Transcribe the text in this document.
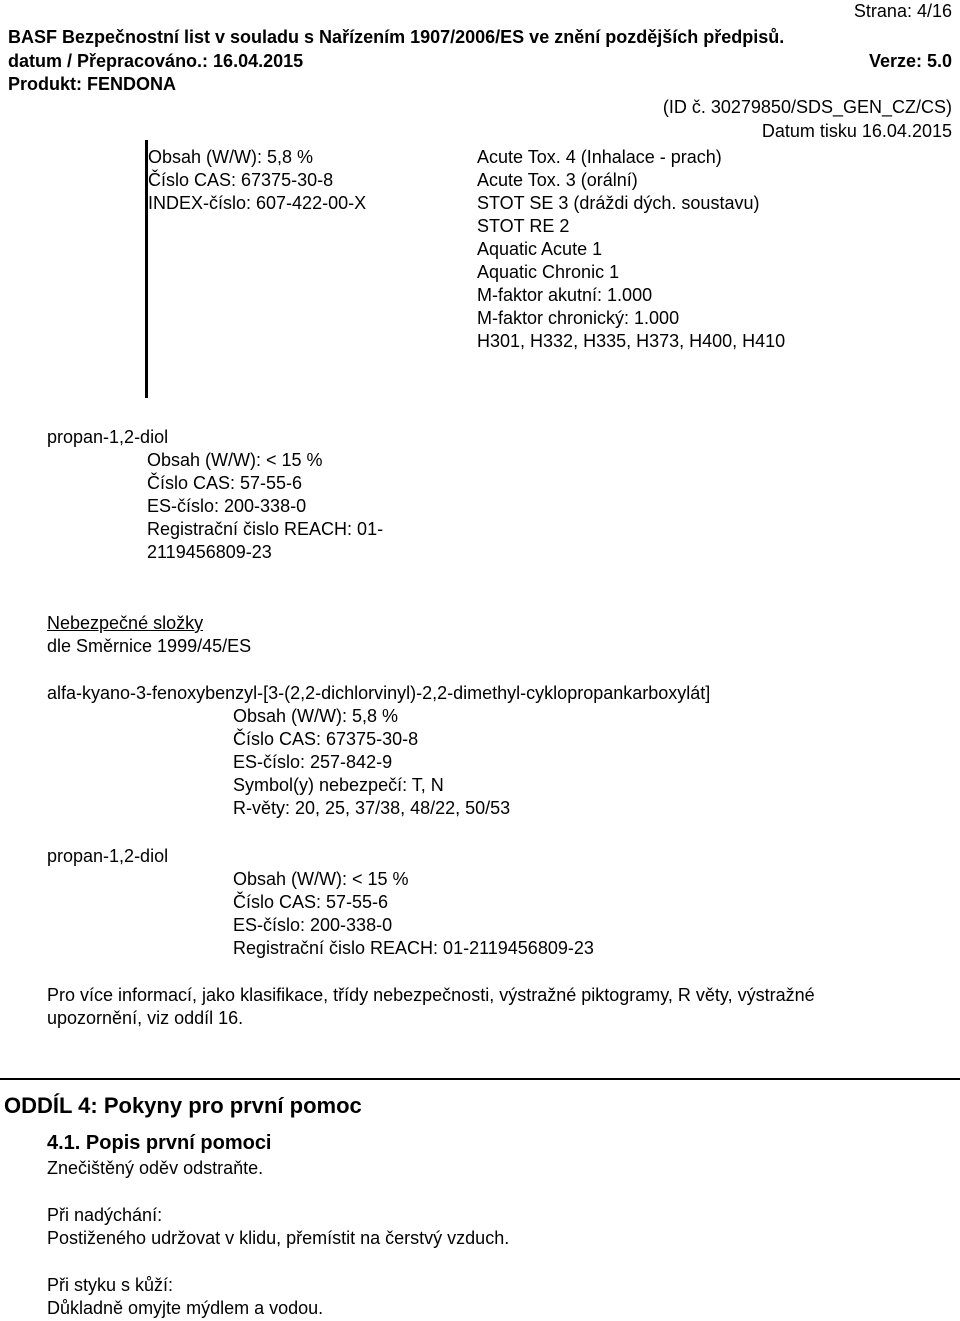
Strana: 4/16
BASF Bezpečnostní list v souladu s Nařízením 1907/2006/ES ve znění pozdějších předpisů.
datum / Přepracováno.: 16.04.2015	Verze: 5.0
Produkt: FENDONA
(ID č. 30279850/SDS_GEN_CZ/CS)
Datum tisku 16.04.2015
Obsah (W/W): 5,8 %
Číslo CAS: 67375-30-8
INDEX-číslo: 607-422-00-X
Acute Tox. 4 (Inhalace - prach)
Acute Tox. 3 (orální)
STOT SE 3 (dráždi dých. soustavu)
STOT RE 2
Aquatic Acute 1
Aquatic Chronic 1
M-faktor akutní: 1.000
M-faktor chronický: 1.000
H301, H332, H335, H373, H400, H410
propan-1,2-diol
Obsah (W/W): < 15 %
Číslo CAS: 57-55-6
ES-číslo: 200-338-0
Registrační čislo REACH: 01-
2119456809-23
Nebezpečné složky
dle Směrnice 1999/45/ES
alfa-kyano-3-fenoxybenzyl-[3-(2,2-dichlorvinyl)-2,2-dimethyl-cyklopropankarboxylát]
Obsah (W/W): 5,8 %
Číslo CAS: 67375-30-8
ES-číslo: 257-842-9
Symbol(y) nebezpečí: T, N
R-věty: 20, 25, 37/38, 48/22, 50/53
propan-1,2-diol
Obsah (W/W): < 15 %
Číslo CAS: 57-55-6
ES-číslo: 200-338-0
Registrační čislo REACH: 01-2119456809-23
Pro více informací, jako klasifikace, třídy nebezpečnosti, výstražné piktogramy, R věty, výstražné
upozornění, viz oddíl 16.
ODDÍL 4: Pokyny pro první pomoc
4.1. Popis první pomoci
Znečištěný oděv odstraňte.
Při nadýchání:
Postiženého udržovat v klidu, přemístit na čerstvý vzduch.
Při styku s kůží:
Důkladně omyjte mýdlem a vodou.
